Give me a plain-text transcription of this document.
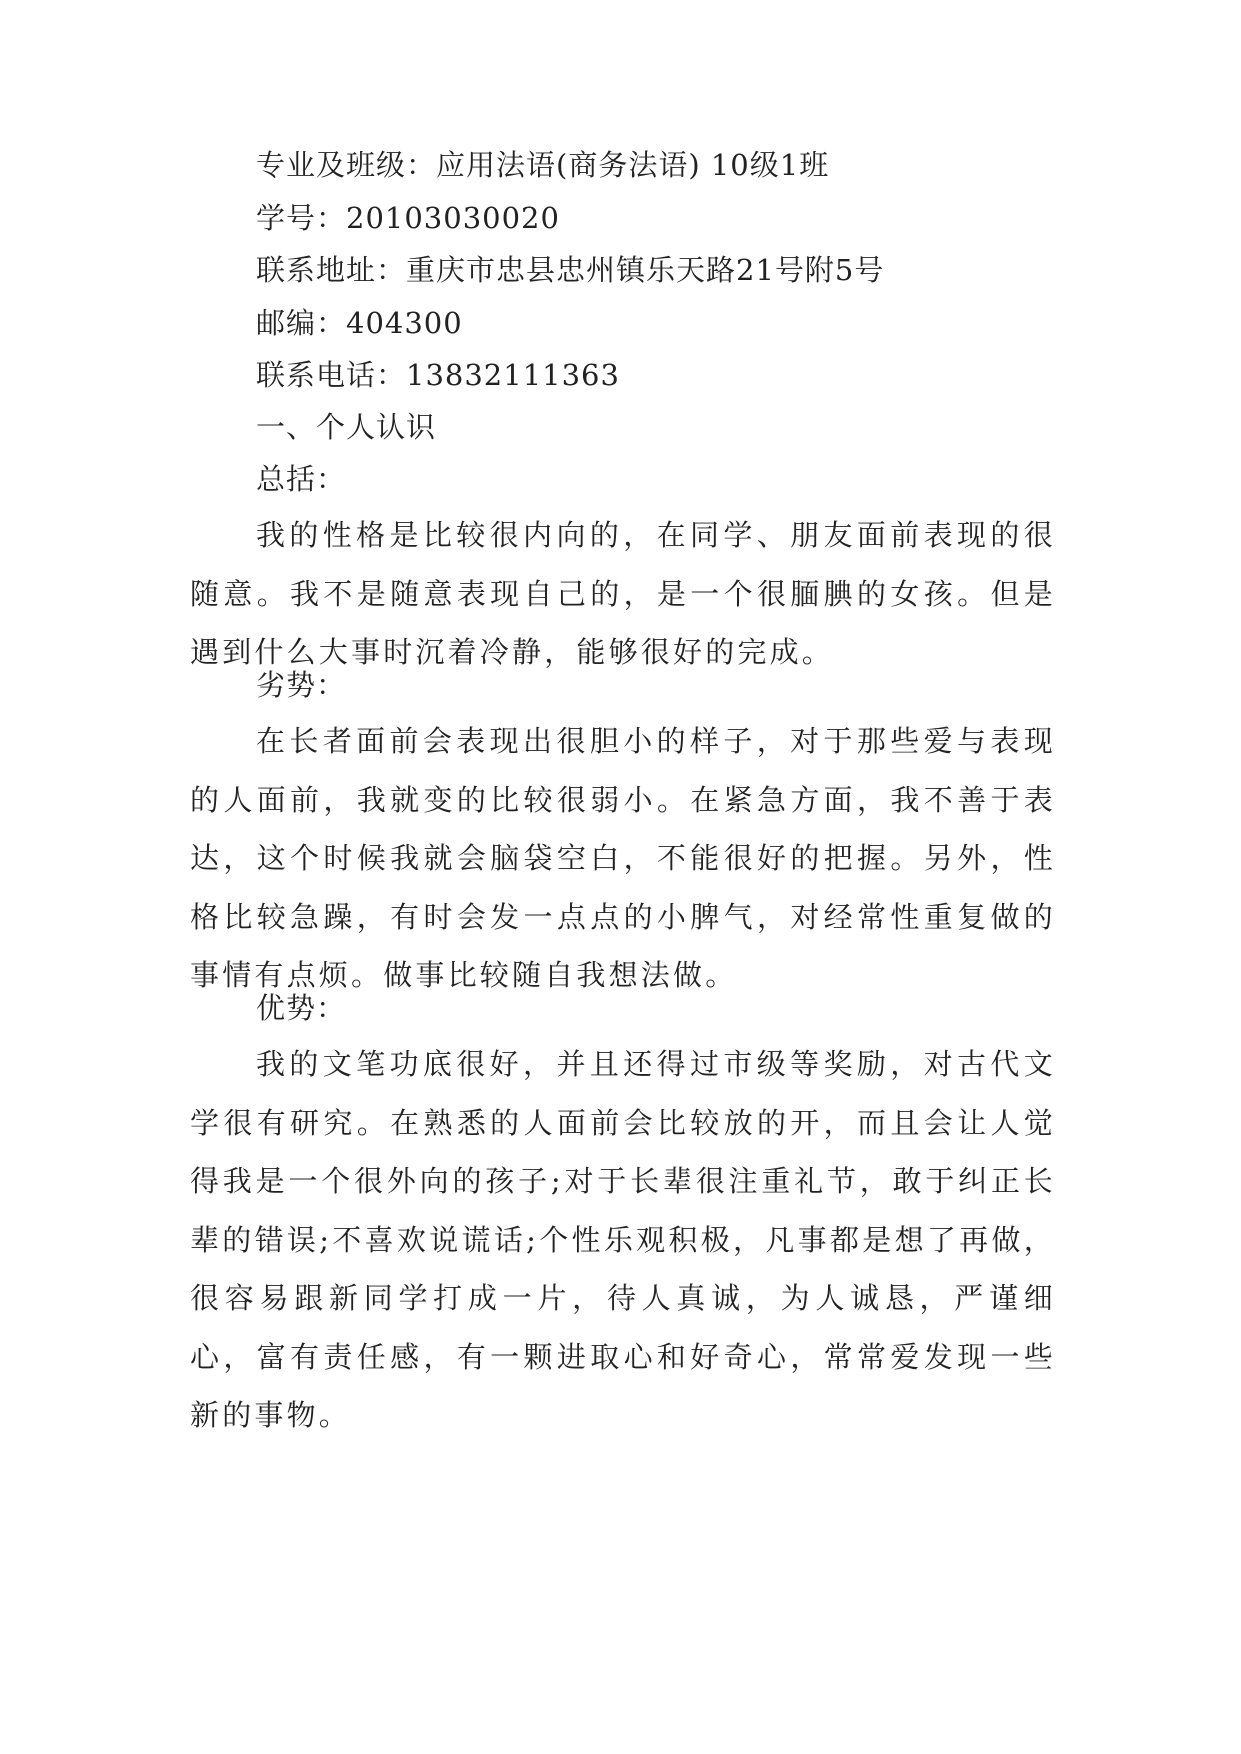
专业及班级：应用法语(商务法语) 10级1班
学号：20103030020
联系地址：重庆市忠县忠州镇乐天路21号附5号
邮编：404300
联系电话：13832111363
一、个人认识
总括：
我的性格是比较很内向的，在同学、朋友面前表现的很随意。我不是随意表现自己的，是一个很腼腆的女孩。但是遇到什么大事时沉着冷静，能够很好的完成。
劣势：
在长者面前会表现出很胆小的样子，对于那些爱与表现的人面前，我就变的比较很弱小。在紧急方面，我不善于表达，这个时候我就会脑袋空白，不能很好的把握。另外，性格比较急躁，有时会发一点点的小脾气，对经常性重复做的事情有点烦。做事比较随自我想法做。
优势：
我的文笔功底很好，并且还得过市级等奖励，对古代文学很有研究。在熟悉的人面前会比较放的开，而且会让人觉得我是一个很外向的孩子;对于长辈很注重礼节，敢于纠正长辈的错误;不喜欢说谎话;个性乐观积极，凡事都是想了再做，很容易跟新同学打成一片，待人真诚，为人诚恳，严谨细心，富有责任感，有一颗进取心和好奇心，常常爱发现一些新的事物。
